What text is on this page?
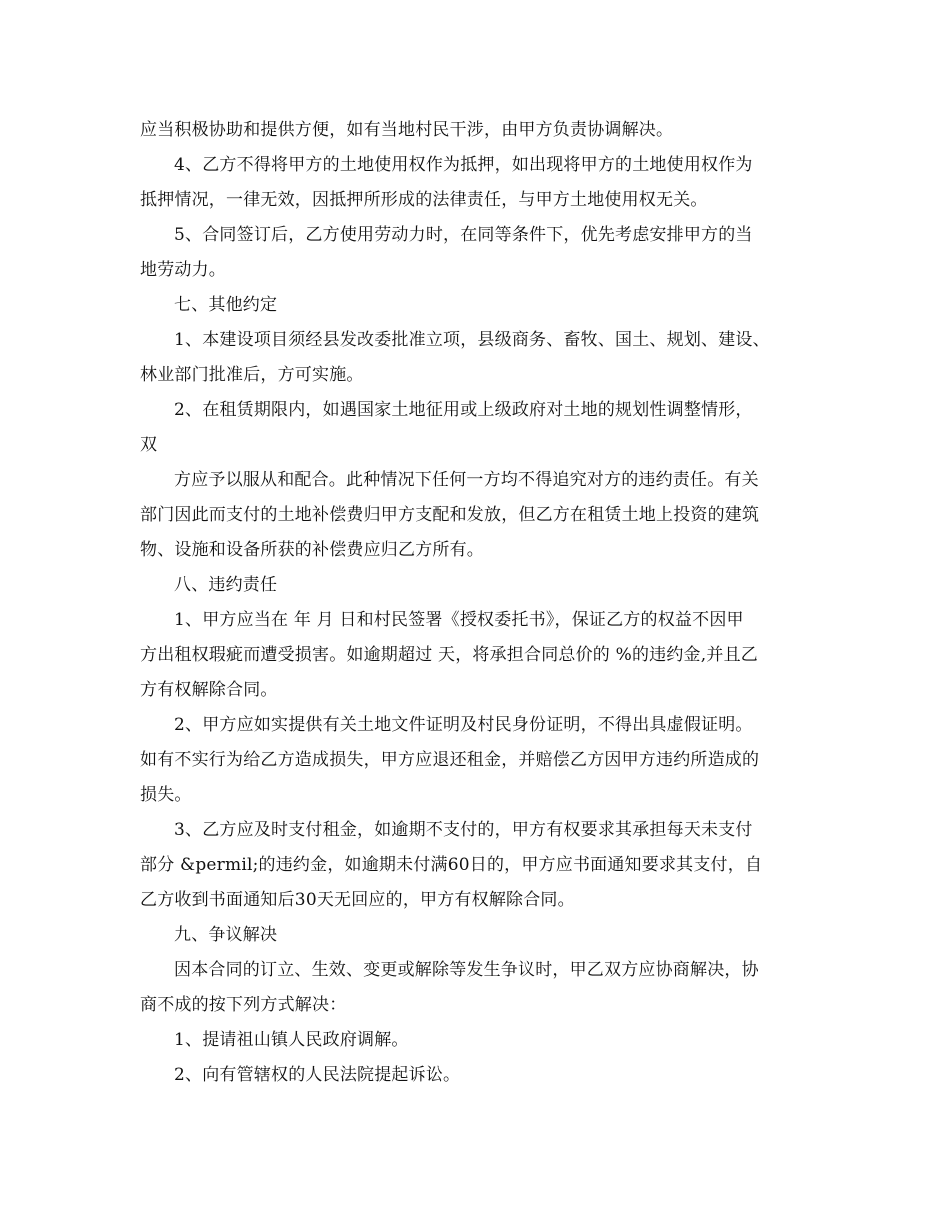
应当积极协助和提供方便，如有当地村民干涉，由甲方负责协调解决。
4、乙方不得将甲方的土地使用权作为抵押，如出现将甲方的土地使用权作为
抵押情况，一律无效，因抵押所形成的法律责任，与甲方土地使用权无关。
5、合同签订后，乙方使用劳动力时，在同等条件下，优先考虑安排甲方的当
地劳动力。
七、其他约定
1、本建设项目须经县发改委批准立项，县级商务、畜牧、国土、规划、建设、
林业部门批准后，方可实施。
2、在租赁期限内，如遇国家土地征用或上级政府对土地的规划性调整情形，
双
方应予以服从和配合。此种情况下任何一方均不得追究对方的违约责任。有关
部门因此而支付的土地补偿费归甲方支配和发放，但乙方在租赁土地上投资的建筑
物、设施和设备所获的补偿费应归乙方所有。
八、违约责任
1、甲方应当在 年 月 日和村民签署《授权委托书》，保证乙方的权益不因甲
方出租权瑕疵而遭受损害。如逾期超过 天，将承担合同总价的 %的违约金,并且乙
方有权解除合同。
2、甲方应如实提供有关土地文件证明及村民身份证明，不得出具虚假证明。
如有不实行为给乙方造成损失，甲方应退还租金，并赔偿乙方因甲方违约所造成的
损失。
3、乙方应及时支付租金，如逾期不支付的，甲方有权要求其承担每天未支付
部分 &permil;的违约金，如逾期未付满60日的，甲方应书面通知要求其支付，自
乙方收到书面通知后30天无回应的，甲方有权解除合同。
九、争议解决
因本合同的订立、生效、变更或解除等发生争议时，甲乙双方应协商解决，协
商不成的按下列方式解决：
1、提请祖山镇人民政府调解。
2、向有管辖权的人民法院提起诉讼。
